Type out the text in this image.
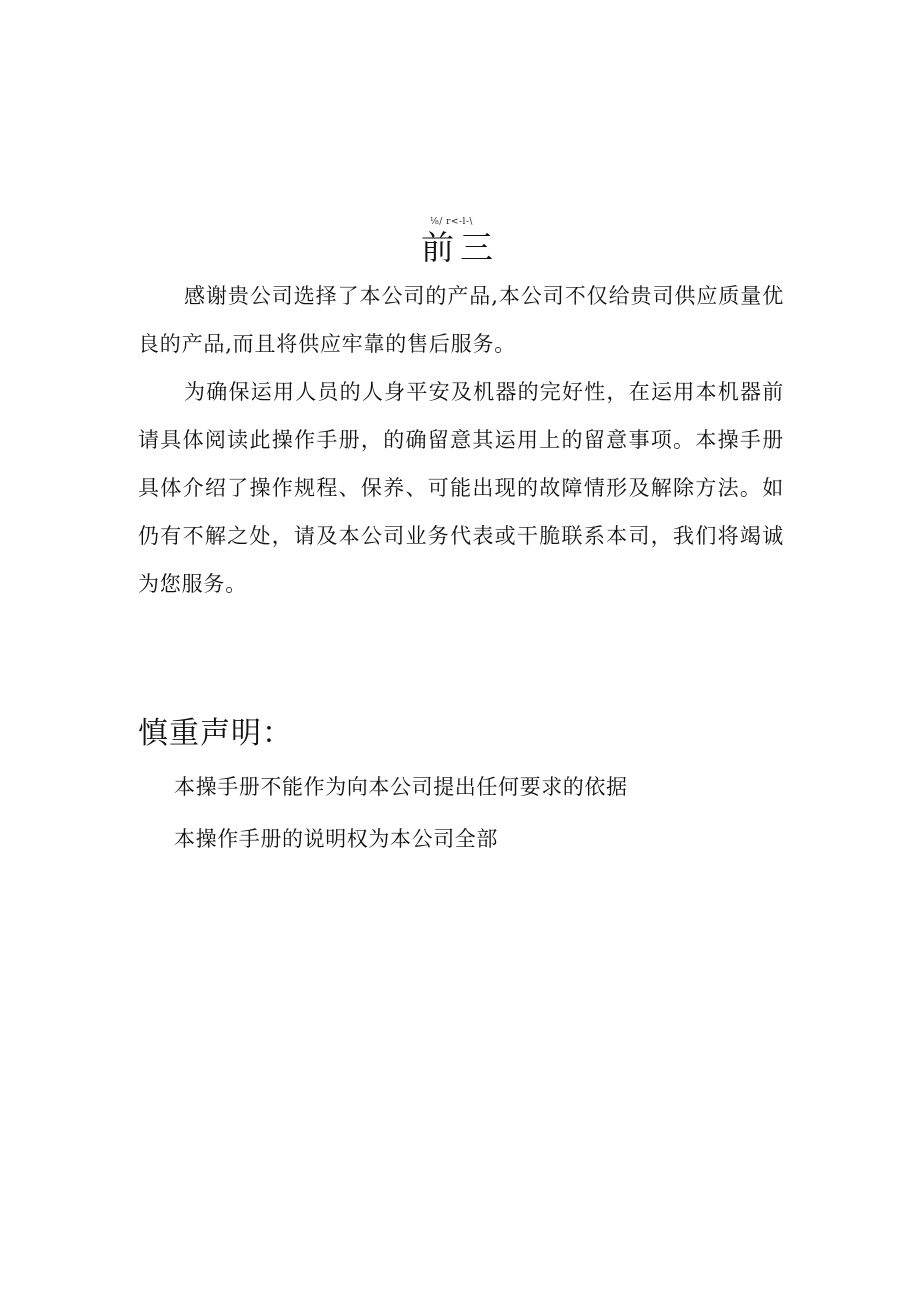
⅛/ r<-l-\
前三

感谢贵公司选择了本公司的产品,本公司不仅给贵司供应质量优良的产品,而且将供应牢靠的售后服务。

为确保运用人员的人身平安及机器的完好性，在运用本机器前请具体阅读此操作手册，的确留意其运用上的留意事项。本操手册具体介绍了操作规程、保养、可能出现的故障情形及解除方法。如仍有不解之处，请及本公司业务代表或干脆联系本司，我们将竭诚为您服务。

慎重声明：
本操手册不能作为向本公司提出任何要求的依据
本操作手册的说明权为本公司全部
